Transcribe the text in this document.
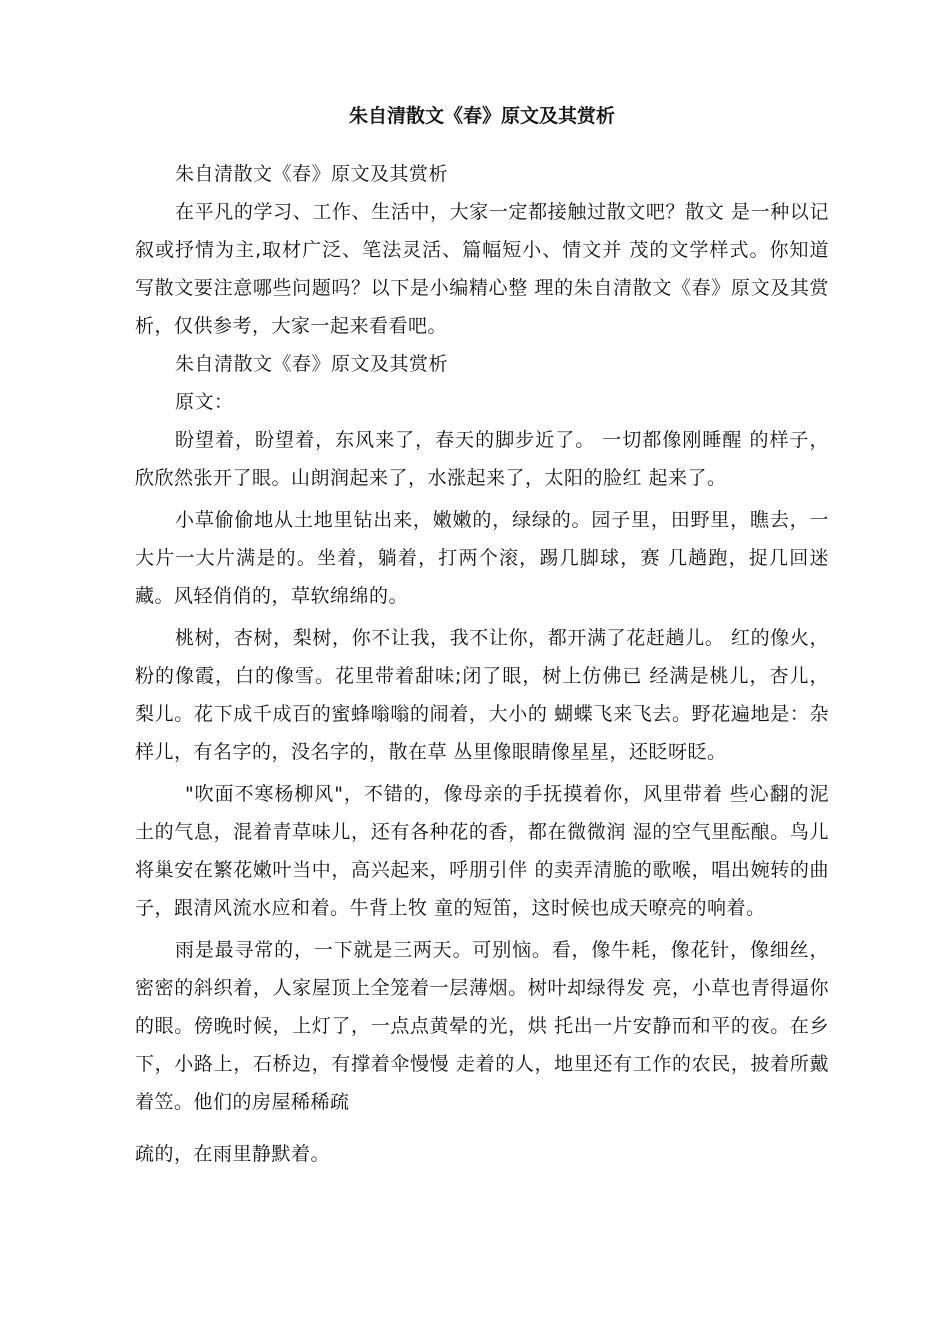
朱自清散文《春》原文及其赏析

朱自清散文《春》原文及其赏析

在平凡的学习、工作、生活中，大家一定都接触过散文吧？散文 是一种以记叙或抒情为主,取材广泛、笔法灵活、篇幅短小、情文并 茂的文学样式。你知道写散文要注意哪些问题吗？以下是小编精心整 理的朱自清散文《春》原文及其赏析，仅供参考，大家一起来看看吧。

朱自清散文《春》原文及其赏析

原文：

盼望着，盼望着，东风来了，春天的脚步近了。 一切都像刚睡醒 的样子，欣欣然张开了眼。山朗润起来了，水涨起来了，太阳的脸红 起来了。

小草偷偷地从土地里钻出来，嫩嫩的，绿绿的。园子里，田野里，瞧去，一大片一大片满是的。坐着，躺着，打两个滚，踢几脚球，赛 几趟跑，捉几回迷藏。风轻俏俏的，草软绵绵的。

桃树，杏树，梨树，你不让我，我不让你，都开满了花赶趟儿。 红的像火，粉的像霞，白的像雪。花里带着甜味;闭了眼，树上仿佛已 经满是桃儿，杏儿，梨儿。花下成千成百的蜜蜂嗡嗡的闹着，大小的 蝴蝶飞来飞去。野花遍地是：杂样儿，有名字的，没名字的，散在草 丛里像眼睛像星星，还眨呀眨。

"吹面不寒杨柳风"，不错的，像母亲的手抚摸着你，风里带着 些心翻的泥土的气息，混着青草味儿，还有各种花的香，都在微微润 湿的空气里酝酿。鸟儿将巢安在繁花嫩叶当中，高兴起来，呼朋引伴 的卖弄清脆的歌喉，唱出婉转的曲子，跟清风流水应和着。牛背上牧 童的短笛，这时候也成天嘹亮的响着。

雨是最寻常的，一下就是三两天。可别恼。看，像牛耗，像花针，像细丝，密密的斜织着，人家屋顶上全笼着一层薄烟。树叶却绿得发 亮，小草也青得逼你的眼。傍晚时候，上灯了，一点点黄晕的光，烘 托出一片安静而和平的夜。在乡下，小路上，石桥边，有撑着伞慢慢 走着的人，地里还有工作的农民，披着所戴着笠。他们的房屋稀稀疏

疏的，在雨里静默着。
